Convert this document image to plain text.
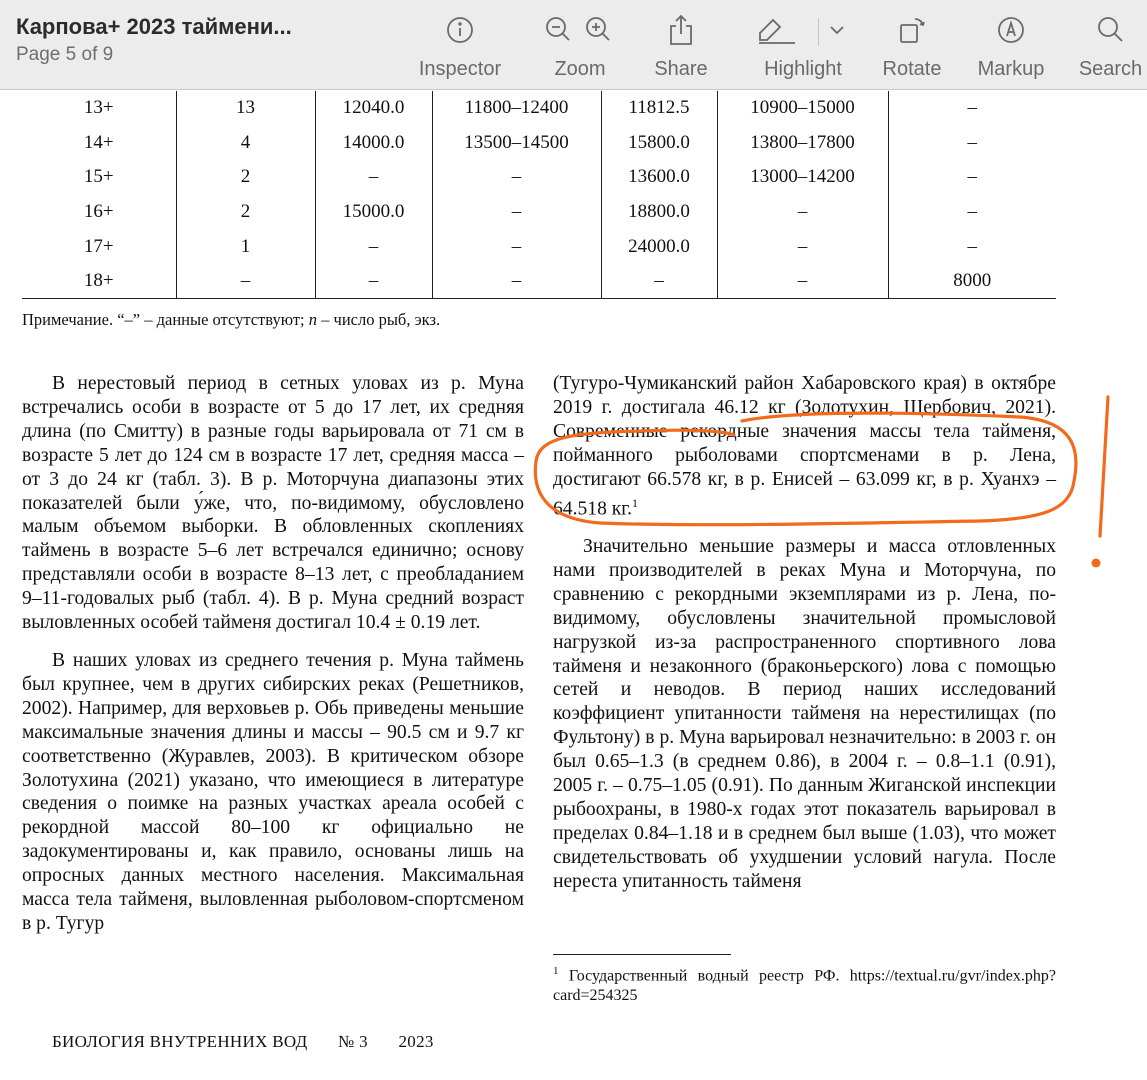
Карпова+ 2023 таймени...
Page 5 of 9
Inspector	Zoom Share	Highlight Rotate Markup Search
13+	13	12040.0	11800–12400	11812.5	10900–15000	–
14+	4	14000.0	13500–14500	15800.0	13800–17800	–
15+	2	–	–	13600.0	13000–14200	–
16+	2	15000.0	–	18800.0	–	–
17+	1	–	–	24000.0	–	–
18+	–	–	–	–	–	8000
Примечание. “–” – данные отсутствуют; n – число рыб, экз.

В нерестовый период в сетных уловах из р. Муна встречались особи в возрасте от 5 до 17 лет, их средняя длина (по Смитту) в разные годы варьировала от 71 см в возрасте 5 лет до 124 см в возрасте 17 лет, средняя масса – от 3 до 24 кг (табл. 3). В р. Моторчуна диапазоны этих показателей были у́же, что, по-видимому, обусловлено малым объемом выборки. В обловленных скоплениях таймень в возрасте 5–6 лет встречался единично; основу представляли особи в возрасте 8–13 лет, с преобладанием 9–11-годовалых рыб (табл. 4). В р. Муна средний возраст выловленных особей тайменя достигал 10.4 ± 0.19 лет.

В наших уловах из среднего течения р. Муна таймень был крупнее, чем в других сибирских реках (Решетников, 2002). Например, для верховьев р. Обь приведены меньшие максимальные значения длины и массы – 90.5 см и 9.7 кг соответственно (Журавлев, 2003). В критическом обзоре Золотухина (2021) указано, что имеющиеся в литературе сведения о поимке на разных участках ареала особей с рекордной массой 80–100 кг официально не задокументированы и, как правило, основаны лишь на опросных данных местного населения. Максимальная масса тела тайменя, выловленная рыболовом-спортсменом в р. Тугур

(Тугуро-Чумиканский район Хабаровского края) в октябре 2019 г. достигала 46.12 кг (Золотухин, Щербович, 2021). Современные рекордные значения массы тела тайменя, пойманного рыболовами спортсменами в р. Лена, достигают 66.578 кг, в р. Енисей – 63.099 кг, в р. Хуанхэ – 64.518 кг.$^1$

Значительно меньшие размеры и масса отловленных нами производителей в реках Муна и Моторчуна, по сравнению с рекордными экземплярами из р. Лена, по-видимому, обусловлены значительной промысловой нагрузкой из-за распространенного спортивного лова тайменя и незаконного (браконьерского) лова с помощью сетей и неводов. В период наших исследований коэффициент упитанности тайменя на нерестилищах (по Фультону) в р. Муна варьировал незначительно: в 2003 г. он был 0.65–1.3 (в среднем 0.86), в 2004 г. – 0.8–1.1 (0.91), 2005 г. – 0.75–1.05 (0.91). По данным Жиганской инспекции рыбоохраны, в 1980-х годах этот показатель варьировал в пределах 0.84–1.18 и в среднем был выше (1.03), что может свидетельствовать об ухудшении условий нагула. После нереста упитанность тайменя

$^1$ Государственный водный реестр РФ. https://textual.ru/gvr/index.php?card=254325
БИОЛОГИЯ ВНУТРЕННИХ ВОД № 3 2023
